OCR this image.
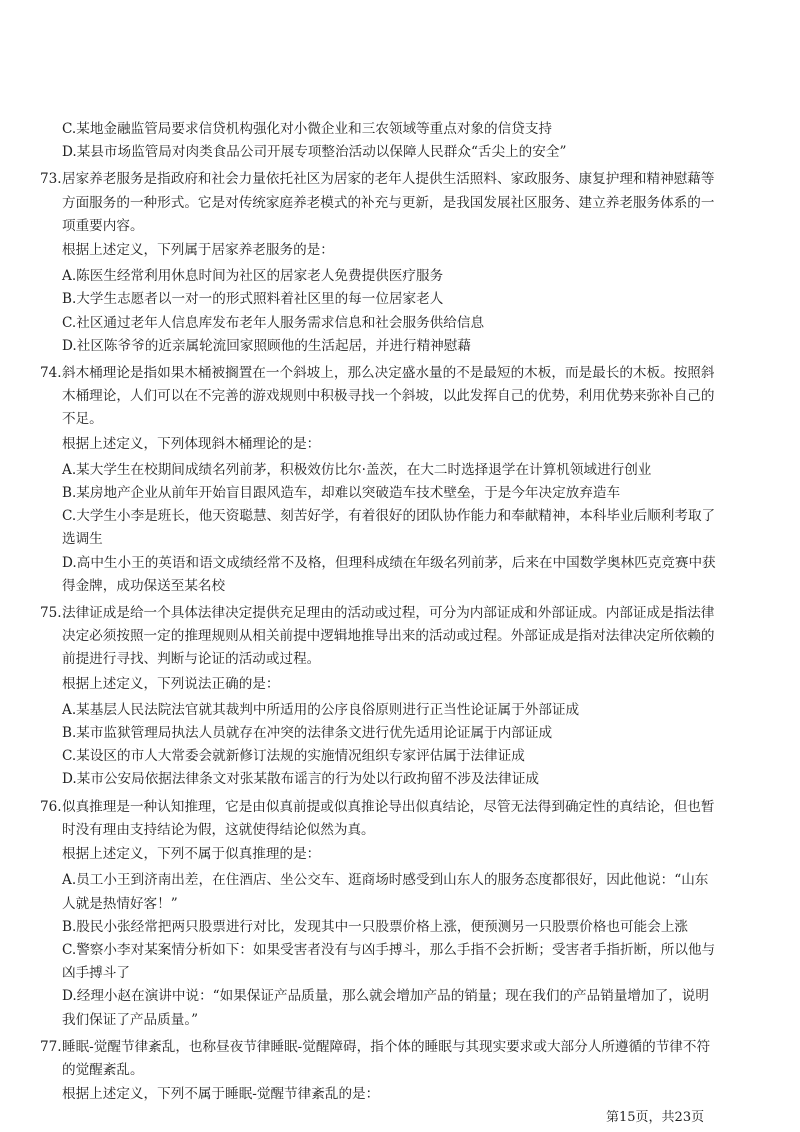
C.某地金融监管局要求信贷机构强化对小微企业和三农领域等重点对象的信贷支持
D.某县市场监管局对肉类食品公司开展专项整治活动以保障人民群众“舌尖上的安全”
73.居家养老服务是指政府和社会力量依托社区为居家的老年人提供生活照料、家政服务、康复护理和精神慰藉等
方面服务的一种形式。它是对传统家庭养老模式的补充与更新，是我国发展社区服务、建立养老服务体系的一
项重要内容。
根据上述定义，下列属于居家养老服务的是：
A.陈医生经常利用休息时间为社区的居家老人免费提供医疗服务
B.大学生志愿者以一对一的形式照料着社区里的每一位居家老人
C.社区通过老年人信息库发布老年人服务需求信息和社会服务供给信息
D.社区陈爷爷的近亲属轮流回家照顾他的生活起居，并进行精神慰藉
74.斜木桶理论是指如果木桶被搁置在一个斜坡上，那么决定盛水量的不是最短的木板，而是最长的木板。按照斜
木桶理论，人们可以在不完善的游戏规则中积极寻找一个斜坡，以此发挥自己的优势，利用优势来弥补自己的
不足。
根据上述定义，下列体现斜木桶理论的是：
A.某大学生在校期间成绩名列前茅，积极效仿比尔·盖茨，在大二时选择退学在计算机领域进行创业
B.某房地产企业从前年开始盲目跟风造车，却难以突破造车技术壁垒，于是今年决定放弃造车
C.大学生小李是班长，他天资聪慧、刻苦好学，有着很好的团队协作能力和奉献精神，本科毕业后顺利考取了
选调生
D.高中生小王的英语和语文成绩经常不及格，但理科成绩在年级名列前茅，后来在中国数学奥林匹克竞赛中获
得金牌，成功保送至某名校
75.法律证成是给一个具体法律决定提供充足理由的活动或过程，可分为内部证成和外部证成。内部证成是指法律
决定必须按照一定的推理规则从相关前提中逻辑地推导出来的活动或过程。外部证成是指对法律决定所依赖的
前提进行寻找、判断与论证的活动或过程。
根据上述定义，下列说法正确的是：
A.某基层人民法院法官就其裁判中所适用的公序良俗原则进行正当性论证属于外部证成
B.某市监狱管理局执法人员就存在冲突的法律条文进行优先适用论证属于内部证成
C.某设区的市人大常委会就新修订法规的实施情况组织专家评估属于法律证成
D.某市公安局依据法律条文对张某散布谣言的行为处以行政拘留不涉及法律证成
76.似真推理是一种认知推理，它是由似真前提或似真推论导出似真结论，尽管无法得到确定性的真结论，但也暂
时没有理由支持结论为假，这就使得结论似然为真。
根据上述定义，下列不属于似真推理的是：
A.员工小王到济南出差，在住酒店、坐公交车、逛商场时感受到山东人的服务态度都很好，因此他说：“山东
人就是热情好客！”
B.股民小张经常把两只股票进行对比，发现其中一只股票价格上涨，便预测另一只股票价格也可能会上涨
C.警察小李对某案情分析如下：如果受害者没有与凶手搏斗，那么手指不会折断；受害者手指折断，所以他与
凶手搏斗了
D.经理小赵在演讲中说：“如果保证产品质量，那么就会增加产品的销量；现在我们的产品销量增加了，说明
我们保证了产品质量。”
77.睡眠-觉醒节律紊乱，也称昼夜节律睡眠-觉醒障碍，指个体的睡眠与其现实要求或大部分人所遵循的节律不符
的觉醒紊乱。
根据上述定义，下列不属于睡眠-觉醒节律紊乱的是：
第15页，共23页
